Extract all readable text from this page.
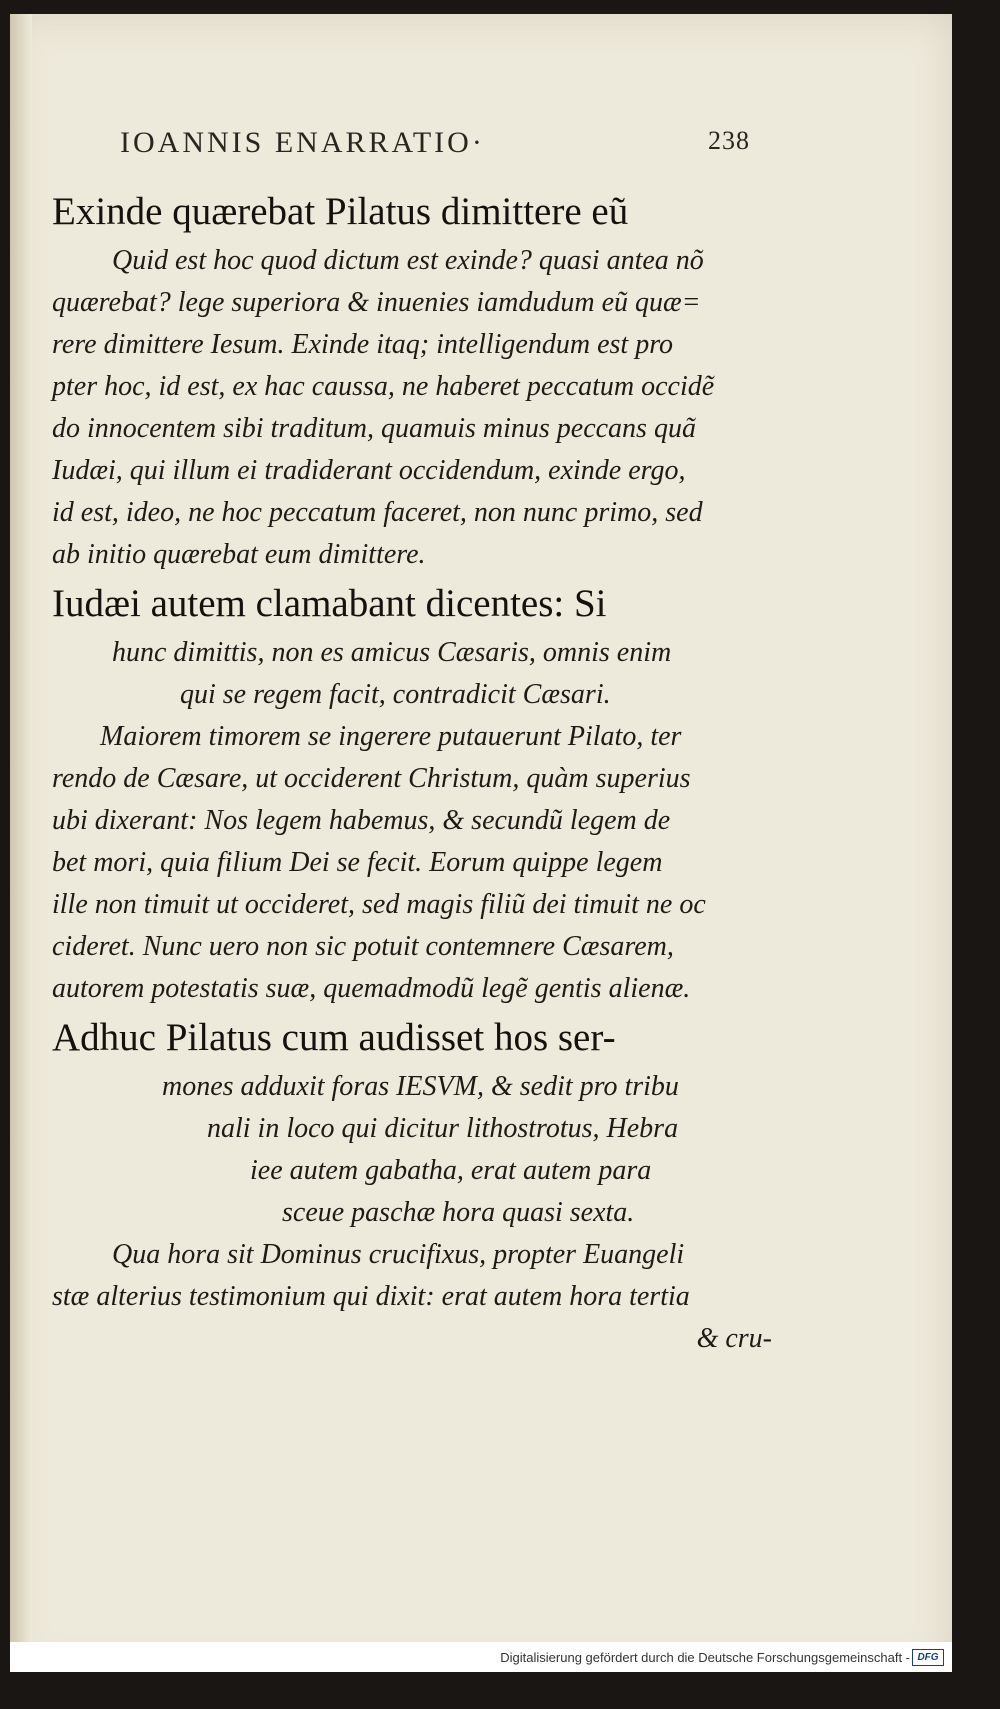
IOANNIS ENARRATIO·	238
Exinde quærebat Pilatus dimittere eũ
Quid est hoc quod dictum est exinde? quasi antea nõ
quærebat? lege superiora & inuenies iamdudum eũ quæ=
rere dimittere Iesum. Exinde itaq; intelligendum est pro
pter hoc, id est, ex hac caussa, ne haberet peccatum occidẽ
do innocentem sibi traditum, quamuis minus peccans quã
Iudæi, qui illum ei tradiderant occidendum, exinde ergo,
id est, ideo, ne hoc peccatum faceret, non nunc primo, sed
ab initio quærebat eum dimittere.
Iudæi autem clamabant dicentes: Si
hunc dimittis, non es amicus Cæsaris, omnis enim
qui se regem facit, contradicit Cæsari.
Maiorem timorem se ingerere putauerunt Pilato, ter
rendo de Cæsare, ut occiderent Christum, quàm superius
ubi dixerant: Nos legem habemus, & secundũ legem de
bet mori, quia filium Dei se fecit. Eorum quippe legem
ille non timuit ut occideret, sed magis filiũ dei timuit ne oc
cideret. Nunc uero non sic potuit contemnere Cæsarem,
autorem potestatis suæ, quemadmodũ legẽ gentis alienæ.
Adhuc Pilatus cum audisset hos ser-
mones adduxit foras IESVM, & sedit pro tribu
nali in loco qui dicitur lithostrotus, Hebra
iee autem gabatha, erat autem para
sceue paschæ hora quasi sexta.
Qua hora sit Dominus crucifixus, propter Euangeli
stæ alterius testimonium qui dixit: erat autem hora tertia
& cru-
Digitalisierung gefördert durch die Deutsche Forschungsgemeinschaft - DFG
